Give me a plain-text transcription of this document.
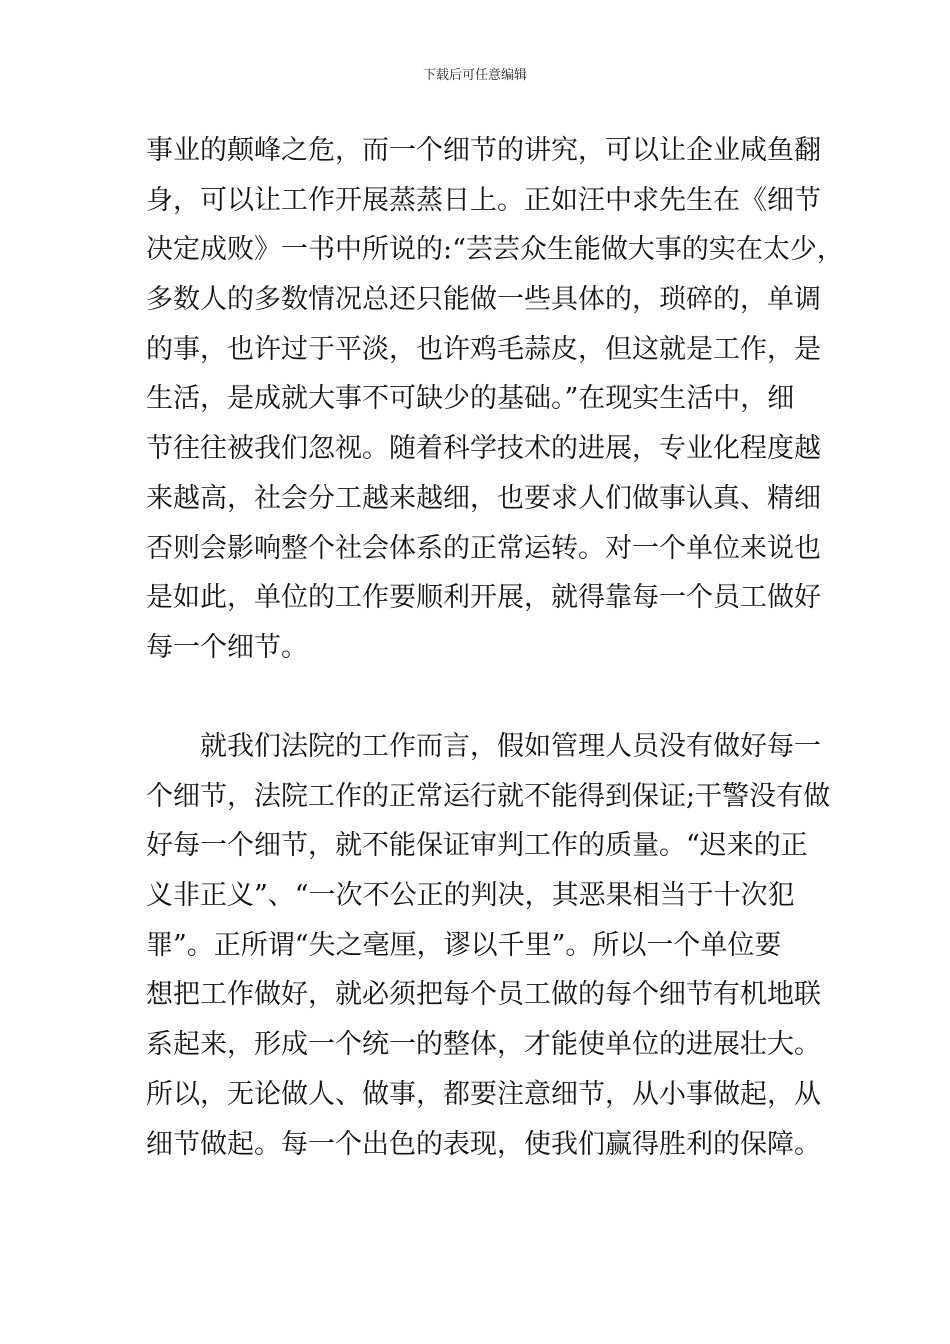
下载后可任意编辑
事业的颠峰之危，而一个细节的讲究，可以让企业咸鱼翻
身，可以让工作开展蒸蒸日上。正如汪中求先生在《细节
决定成败》一书中所说的:“芸芸众生能做大事的实在太少，
多数人的多数情况总还只能做一些具体的，琐碎的，单调
的事，也许过于平淡，也许鸡毛蒜皮，但这就是工作，是
生活，是成就大事不可缺少的基础。”在现实生活中，细
节往往被我们忽视。随着科学技术的进展，专业化程度越
来越高，社会分工越来越细，也要求人们做事认真、精细
否则会影响整个社会体系的正常运转。对一个单位来说也
是如此，单位的工作要顺利开展，就得靠每一个员工做好
每一个细节。
　　就我们法院的工作而言，假如管理人员没有做好每一
个细节，法院工作的正常运行就不能得到保证;干警没有做
好每一个细节，就不能保证审判工作的质量。“迟来的正
义非正义”、“一次不公正的判决，其恶果相当于十次犯
罪”。正所谓“失之毫厘，谬以千里”。所以一个单位要
想把工作做好，就必须把每个员工做的每个细节有机地联
系起来，形成一个统一的整体，才能使单位的进展壮大。
所以，无论做人、做事，都要注意细节，从小事做起，从
细节做起。每一个出色的表现，使我们赢得胜利的保障。
